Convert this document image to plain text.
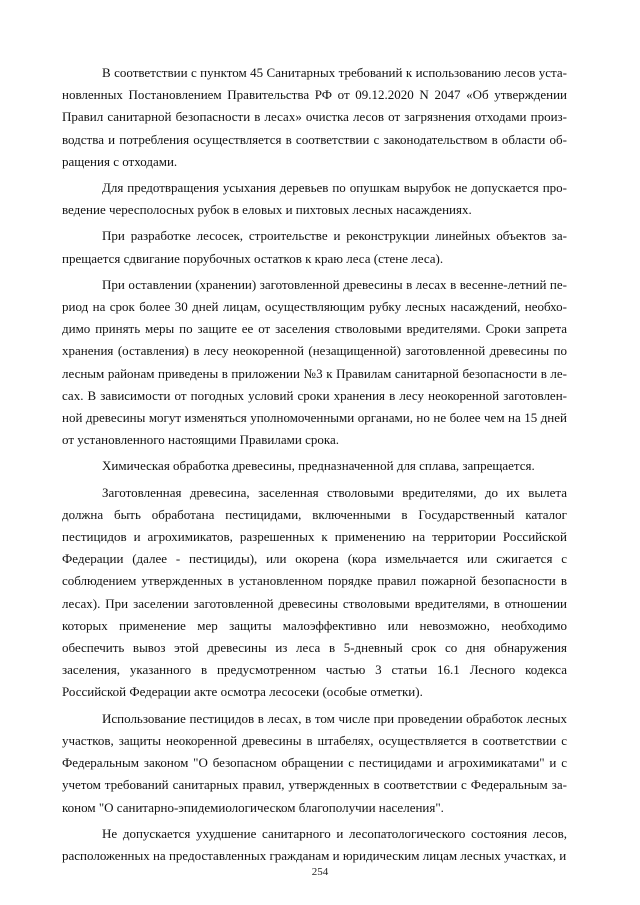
В соответствии с пунктом 45 Санитарных требований к использованию лесов установленных Постановлением Правительства РФ от 09.12.2020 N 2047 «Об утверждении Правил санитарной безопасности в лесах» очистка лесов от загрязнения отходами производства и потребления осуществляется в соответствии с законодательством в области обращения с отходами.

Для предотвращения усыхания деревьев по опушкам вырубок не допускается проведение чересполосных рубок в еловых и пихтовых лесных насаждениях.

При разработке лесосек, строительстве и реконструкции линейных объектов запрещается сдвигание порубочных остатков к краю леса (стене леса).

При оставлении (хранении) заготовленной древесины в лесах в весенне-летний период на срок более 30 дней лицам, осуществляющим рубку лесных насаждений, необходимо принять меры по защите ее от заселения стволовыми вредителями. Сроки запрета хранения (оставления) в лесу неокоренной (незащищенной) заготовленной древесины по лесным районам приведены в приложении №3 к Правилам санитарной безопасности в лесах. В зависимости от погодных условий сроки хранения в лесу неокоренной заготовленной древесины могут изменяться уполномоченными органами, но не более чем на 15 дней от установленного настоящими Правилами срока.

Химическая обработка древесины, предназначенной для сплава, запрещается.

Заготовленная древесина, заселенная стволовыми вредителями, до их вылета должна быть обработана пестицидами, включенными в Государственный каталог пестицидов и агрохимикатов, разрешенных к применению на территории Российской Федерации (далее - пестициды), или окорена (кора измельчается или сжигается с соблюдением утвержденных в установленном порядке правил пожарной безопасности в лесах). При заселении заготовленной древесины стволовыми вредителями, в отношении которых применение мер защиты малоэффективно или невозможно, необходимо обеспечить вывоз этой древесины из леса в 5-дневный срок со дня обнаружения заселения, указанного в предусмотренном частью 3 статьи 16.1 Лесного кодекса Российской Федерации акте осмотра лесосеки (особые отметки).

Использование пестицидов в лесах, в том числе при проведении обработок лесных участков, защиты неокоренной древесины в штабелях, осуществляется в соответствии с Федеральным законом "О безопасном обращении с пестицидами и агрохимикатами" и с учетом требований санитарных правил, утвержденных в соответствии с Федеральным законом "О санитарно-эпидемиологическом благополучии населения".

Не допускается ухудшение санитарного и лесопатологического состояния лесов, расположенных на предоставленных гражданам и юридическим лицам лесных участках, и

254
